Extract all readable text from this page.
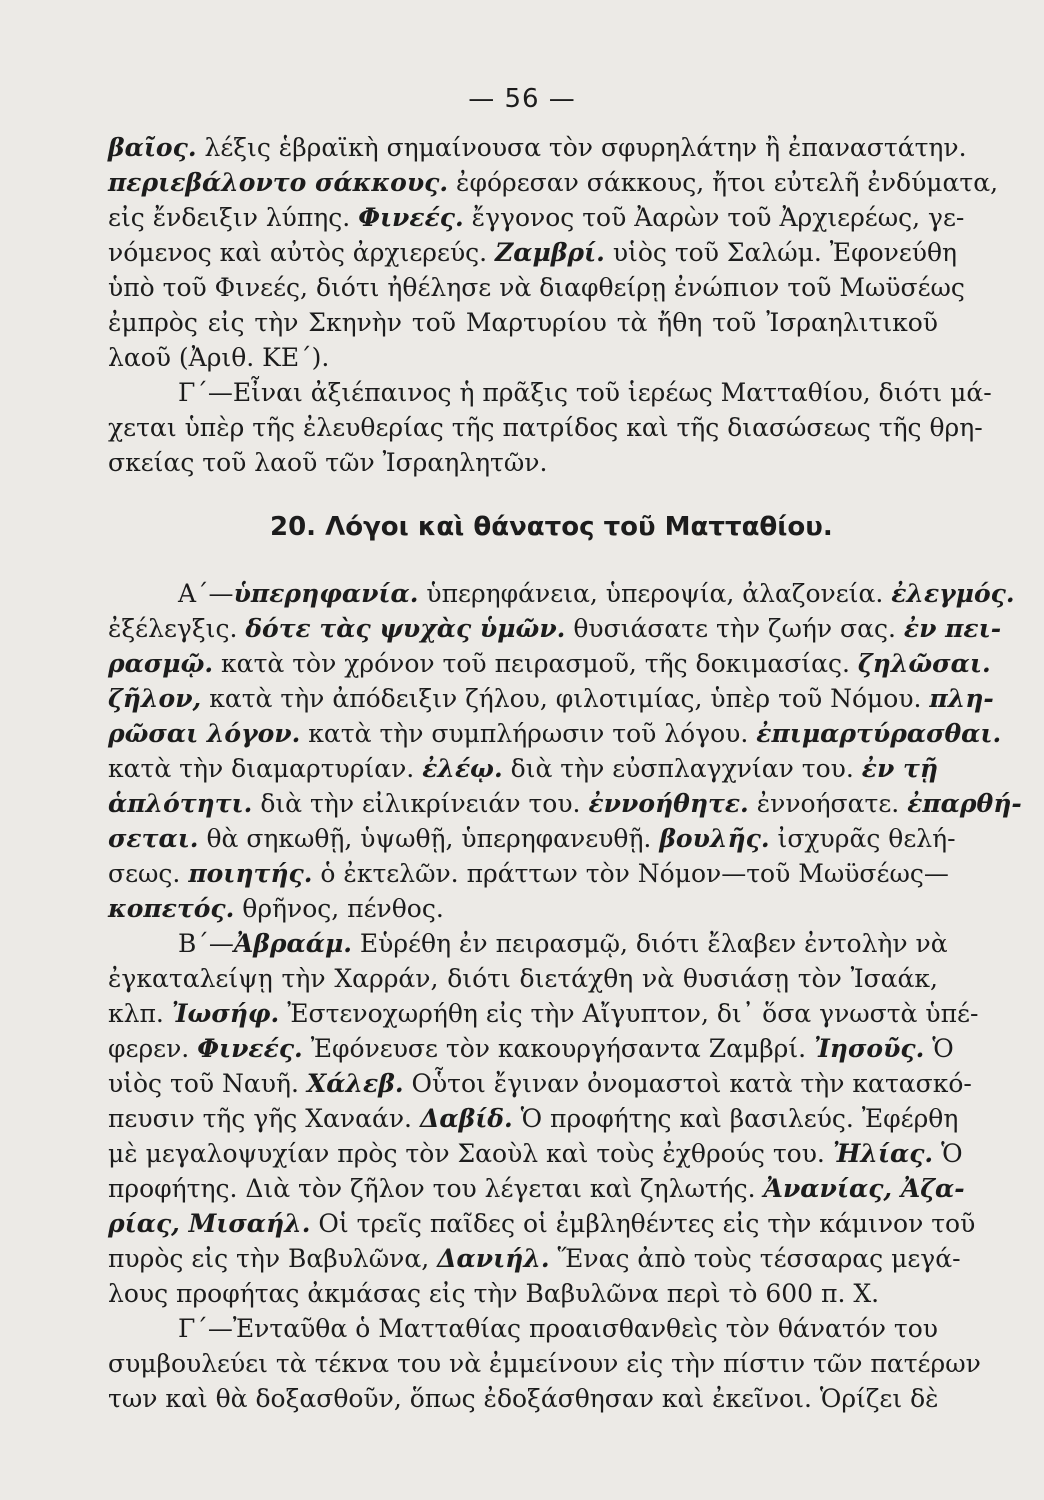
— 56 —
βαῖος. λέξις ἑβραϊκὴ σημαίνουσα τὸν σφυρηλάτην ἢ ἐπαναστάτην.
περιεβάλοντο σάκκους. ἐφόρεσαν σάκκους, ἤτοι εὐτελῆ ἐνδύματα,
εἰς ἔνδειξιν λύπης. Φινεές. ἔγγονος τοῦ Ἀαρὼν τοῦ Ἀρχιερέως, γε-
νόμενος καὶ αὐτὸς ἀρχιερεύς. Ζαμβρί. υἱὸς τοῦ Σαλώμ. Ἐφονεύθη
ὑπὸ τοῦ Φινεές, διότι ἠθέλησε νὰ διαφθείρῃ ἐνώπιον τοῦ Μωϋσέως
ἐμπρὸς εἰς τὴν Σκηνὴν τοῦ Μαρτυρίου τὰ ἤθη τοῦ Ἰσραηλιτικοῦ
λαοῦ (Ἀριθ. ΚΕ΄).
Γ΄—Εἶναι ἀξιέπαινος ἡ πρᾶξις τοῦ ἱερέως Ματταθίου, διότι μά-
χεται ὑπὲρ τῆς ἐλευθερίας τῆς πατρίδος καὶ τῆς διασώσεως τῆς θρη-
σκείας τοῦ λαοῦ τῶν Ἰσραηλητῶν.
20. Λόγοι καὶ θάνατος τοῦ Ματταθίου.
Α΄—ὑπερηφανία. ὑπερηφάνεια, ὑπεροψία, ἀλαζονεία. ἐλεγμός.
ἐξέλεγξις. δότε τὰς ψυχὰς ὑμῶν. θυσιάσατε τὴν ζωήν σας. ἐν πει-
ρασμῷ. κατὰ τὸν χρόνον τοῦ πειρασμοῦ, τῆς δοκιμασίας. ζηλῶσαι.
ζῆλον, κατὰ τὴν ἀπόδειξιν ζήλου, φιλοτιμίας, ὑπὲρ τοῦ Νόμου. πλη-
ρῶσαι λόγον. κατὰ τὴν συμπλήρωσιν τοῦ λόγου. ἐπιμαρτύρασθαι.
κατὰ τὴν διαμαρτυρίαν. ἐλέῳ. διὰ τὴν εὐσπλαγχνίαν του. ἐν τῇ
ἁπλότητι. διὰ τὴν εἰλικρίνειάν του. ἐννοήθητε. ἐννοήσατε. ἐπαρθή-
σεται. θὰ σηκωθῇ, ὑψωθῇ, ὑπερηφανευθῇ. βουλῆς. ἰσχυρᾶς θελή-
σεως. ποιητής. ὁ ἐκτελῶν. πράττων τὸν Νόμον—τοῦ Μωϋσέως—
κοπετός. θρῆνος, πένθος.
Β΄—Ἀβραάμ. Εὑρέθη ἐν πειρασμῷ, διότι ἔλαβεν ἐντολὴν νὰ
ἐγκαταλείψῃ τὴν Χαρράν, διότι διετάχθη νὰ θυσιάσῃ τὸν Ἰσαάκ,
κλπ. Ἰωσήφ. Ἐστενοχωρήθη εἰς τὴν Αἴγυπτον, δι᾽ ὅσα γνωστὰ ὑπέ-
φερεν. Φινεές. Ἐφόνευσε τὸν κακουργήσαντα Ζαμβρί. Ἰησοῦς. Ὁ
υἱὸς τοῦ Ναυῆ. Χάλεβ. Οὗτοι ἔγιναν ὀνομαστοὶ κατὰ τὴν κατασκό-
πευσιν τῆς γῆς Χαναάν. Δαβίδ. Ὁ προφήτης καὶ βασιλεύς. Ἐφέρθη
μὲ μεγαλοψυχίαν πρὸς τὸν Σαοὺλ καὶ τοὺς ἐχθρούς του. Ἠλίας. Ὁ
προφήτης. Διὰ τὸν ζῆλον του λέγεται καὶ ζηλωτής. Ἀνανίας, Ἀζα-
ρίας, Μισαήλ. Οἱ τρεῖς παῖδες οἱ ἐμβληθέντες εἰς τὴν κάμινον τοῦ
πυρὸς εἰς τὴν Βαβυλῶνα, Δανιήλ. Ἕνας ἀπὸ τοὺς τέσσαρας μεγά-
λους προφήτας ἀκμάσας εἰς τὴν Βαβυλῶνα περὶ τὸ 600 π. Χ.
Γ΄—Ἐνταῦθα ὁ Ματταθίας προαισθανθεὶς τὸν θάνατόν του
συμβουλεύει τὰ τέκνα του νὰ ἐμμείνουν εἰς τὴν πίστιν τῶν πατέρων
των καὶ θὰ δοξασθοῦν, ὅπως ἐδοξάσθησαν καὶ ἐκεῖνοι. Ὁρίζει δὲ
